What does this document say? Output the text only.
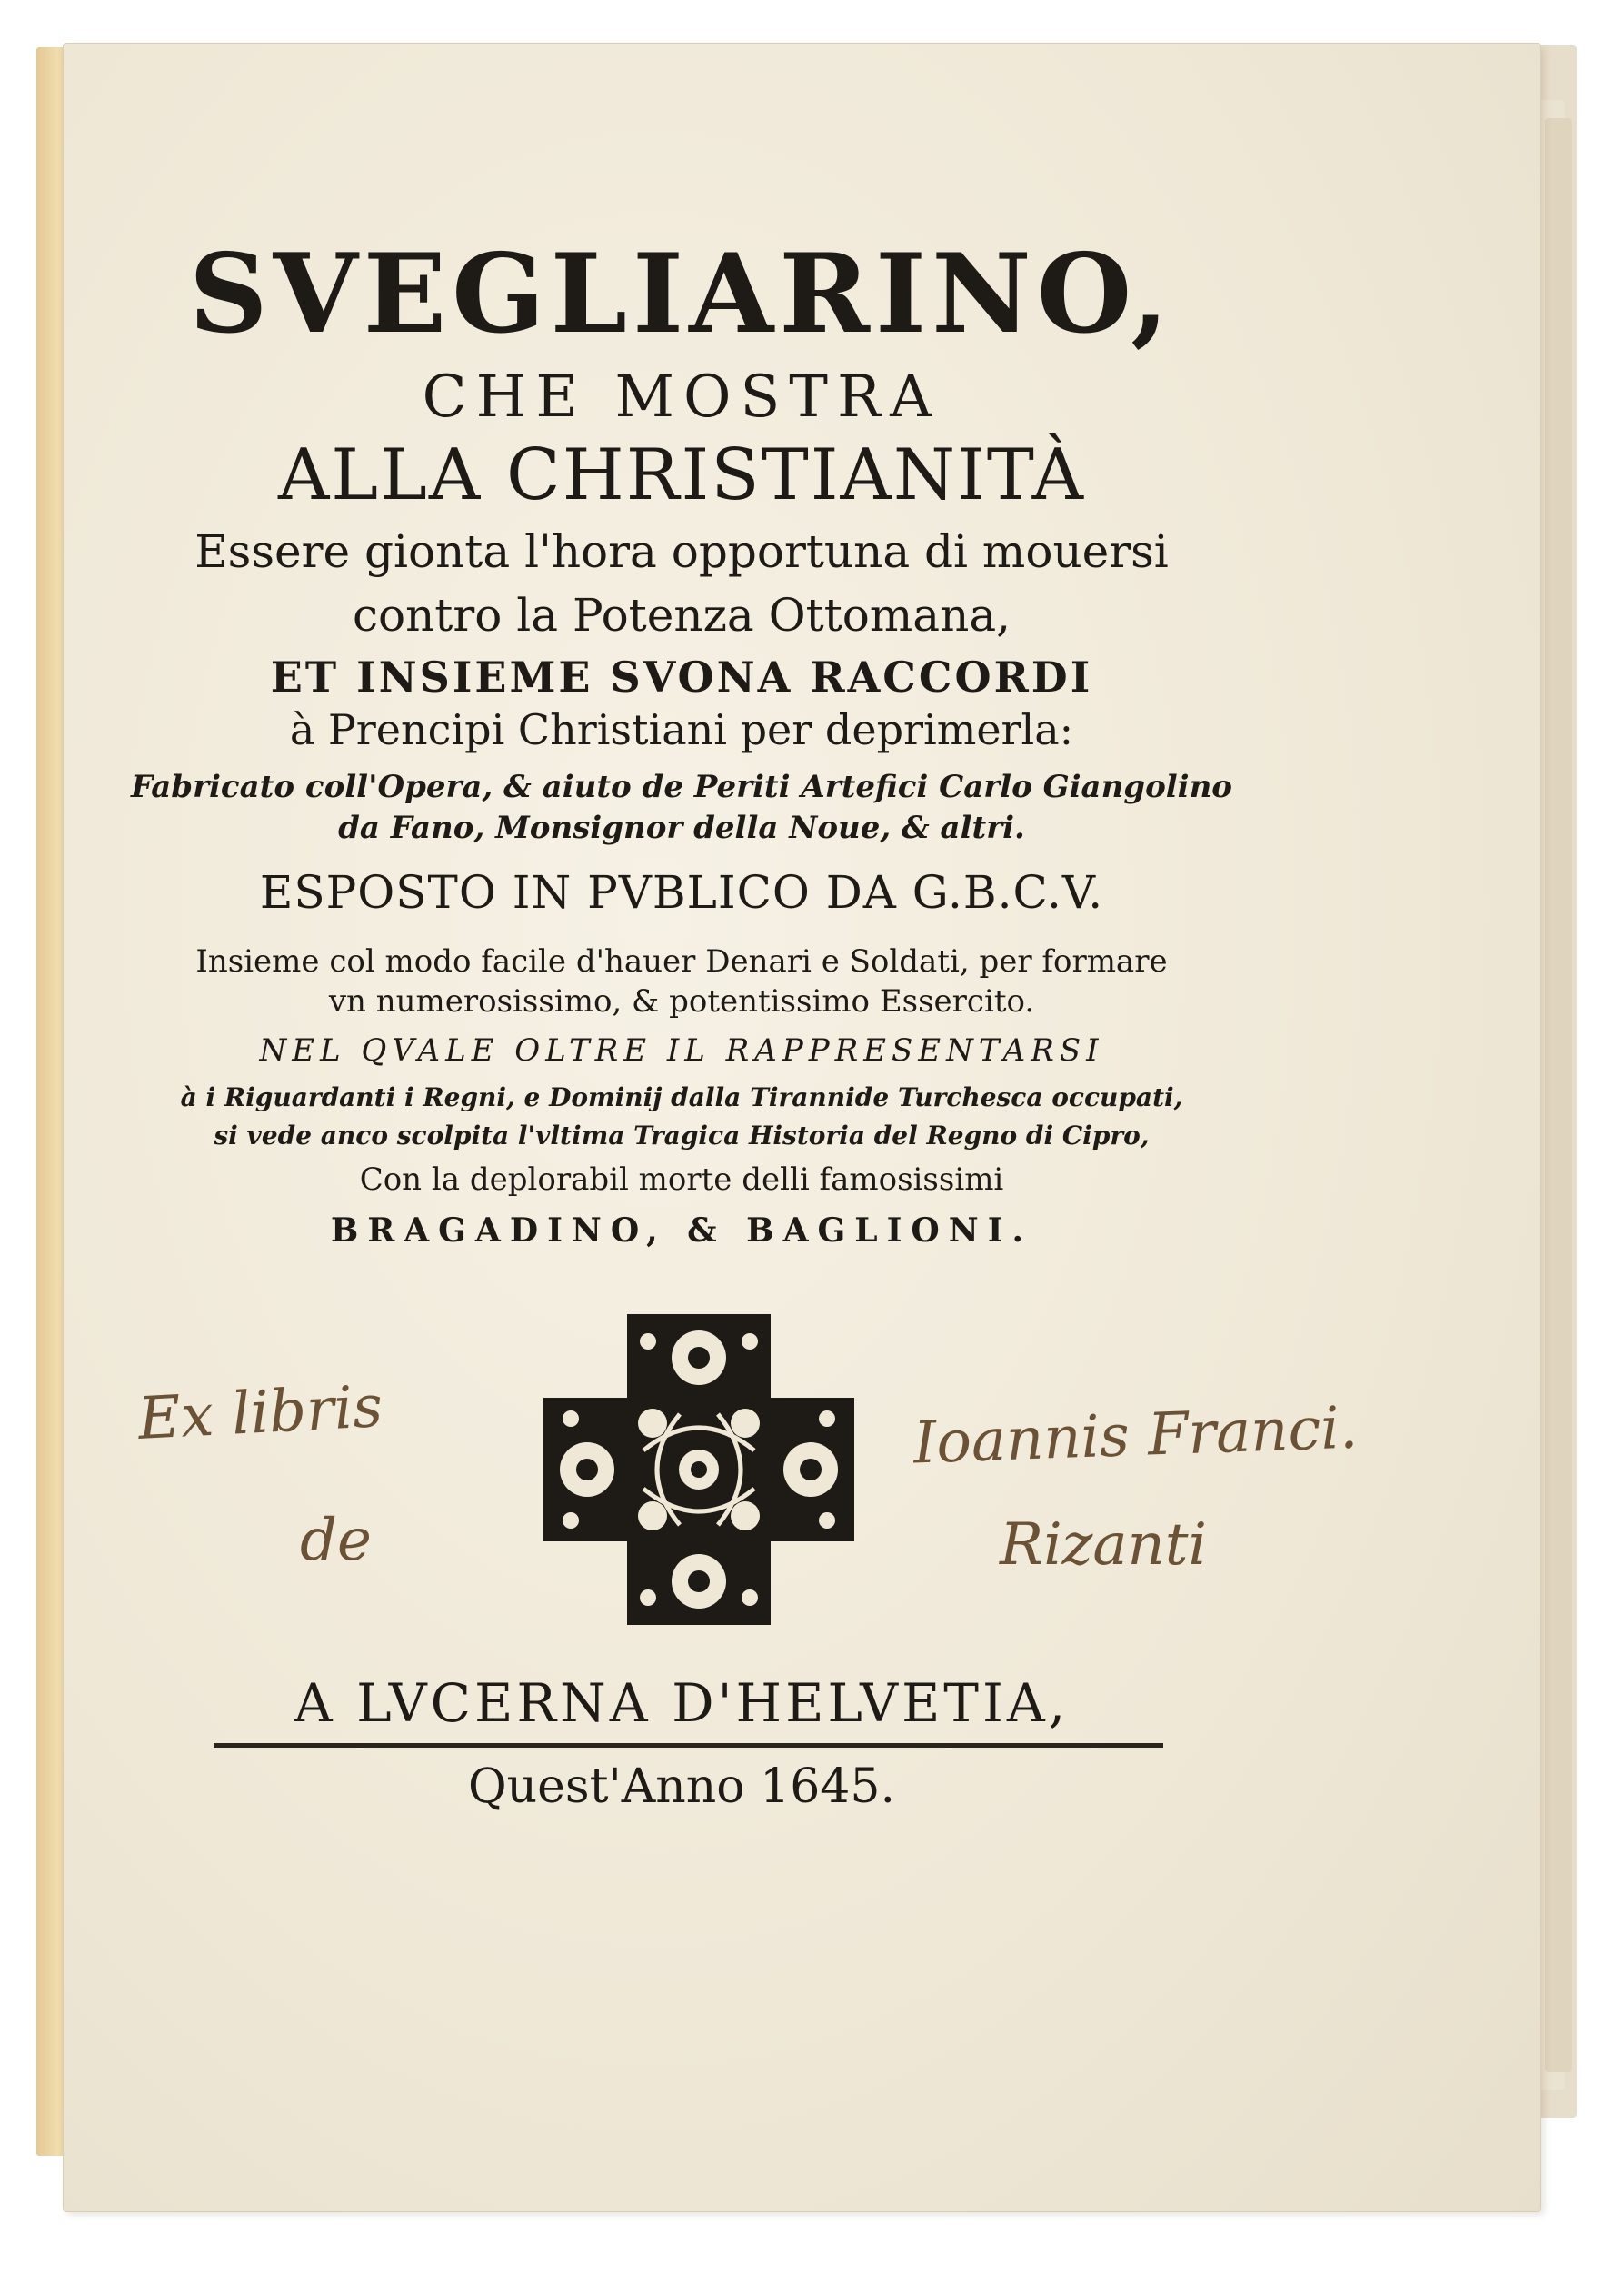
SVEGLIARINO,
CHE MOSTRA
ALLA CHRISTIANITÀ
Essere gionta l'hora opportuna di mouersi
contro la Potenza Ottomana,
ET INSIEME SVONA RACCORDI
à Prencipi Christiani per deprimerla:
Fabricato coll'Opera, & aiuto de Periti Artefici Carlo Giangolino
da Fano, Monsignor della Noue, & altri.
ESPOSTO IN PVBLICO DA G.B.C.V.
Insieme col modo facile d'hauer Denari e Soldati, per formare
vn numerosissimo, & potentissimo Essercito.
NEL QVALE OLTRE IL RAPPRESENTARSI
à i Riguardanti i Regni, e Dominij dalla Tirannide Turchesca occupati,
si vede anco scolpita l'vltima Tragica Historia del Regno di Cipro,
Con la deplorabil morte delli famosissimi
BRAGADINO, & BAGLIONI.
Ex libris
de
Ioannis Franci.
Rizanti
A LVCERNA D'HELVETIA,
Quest'Anno 1645.
